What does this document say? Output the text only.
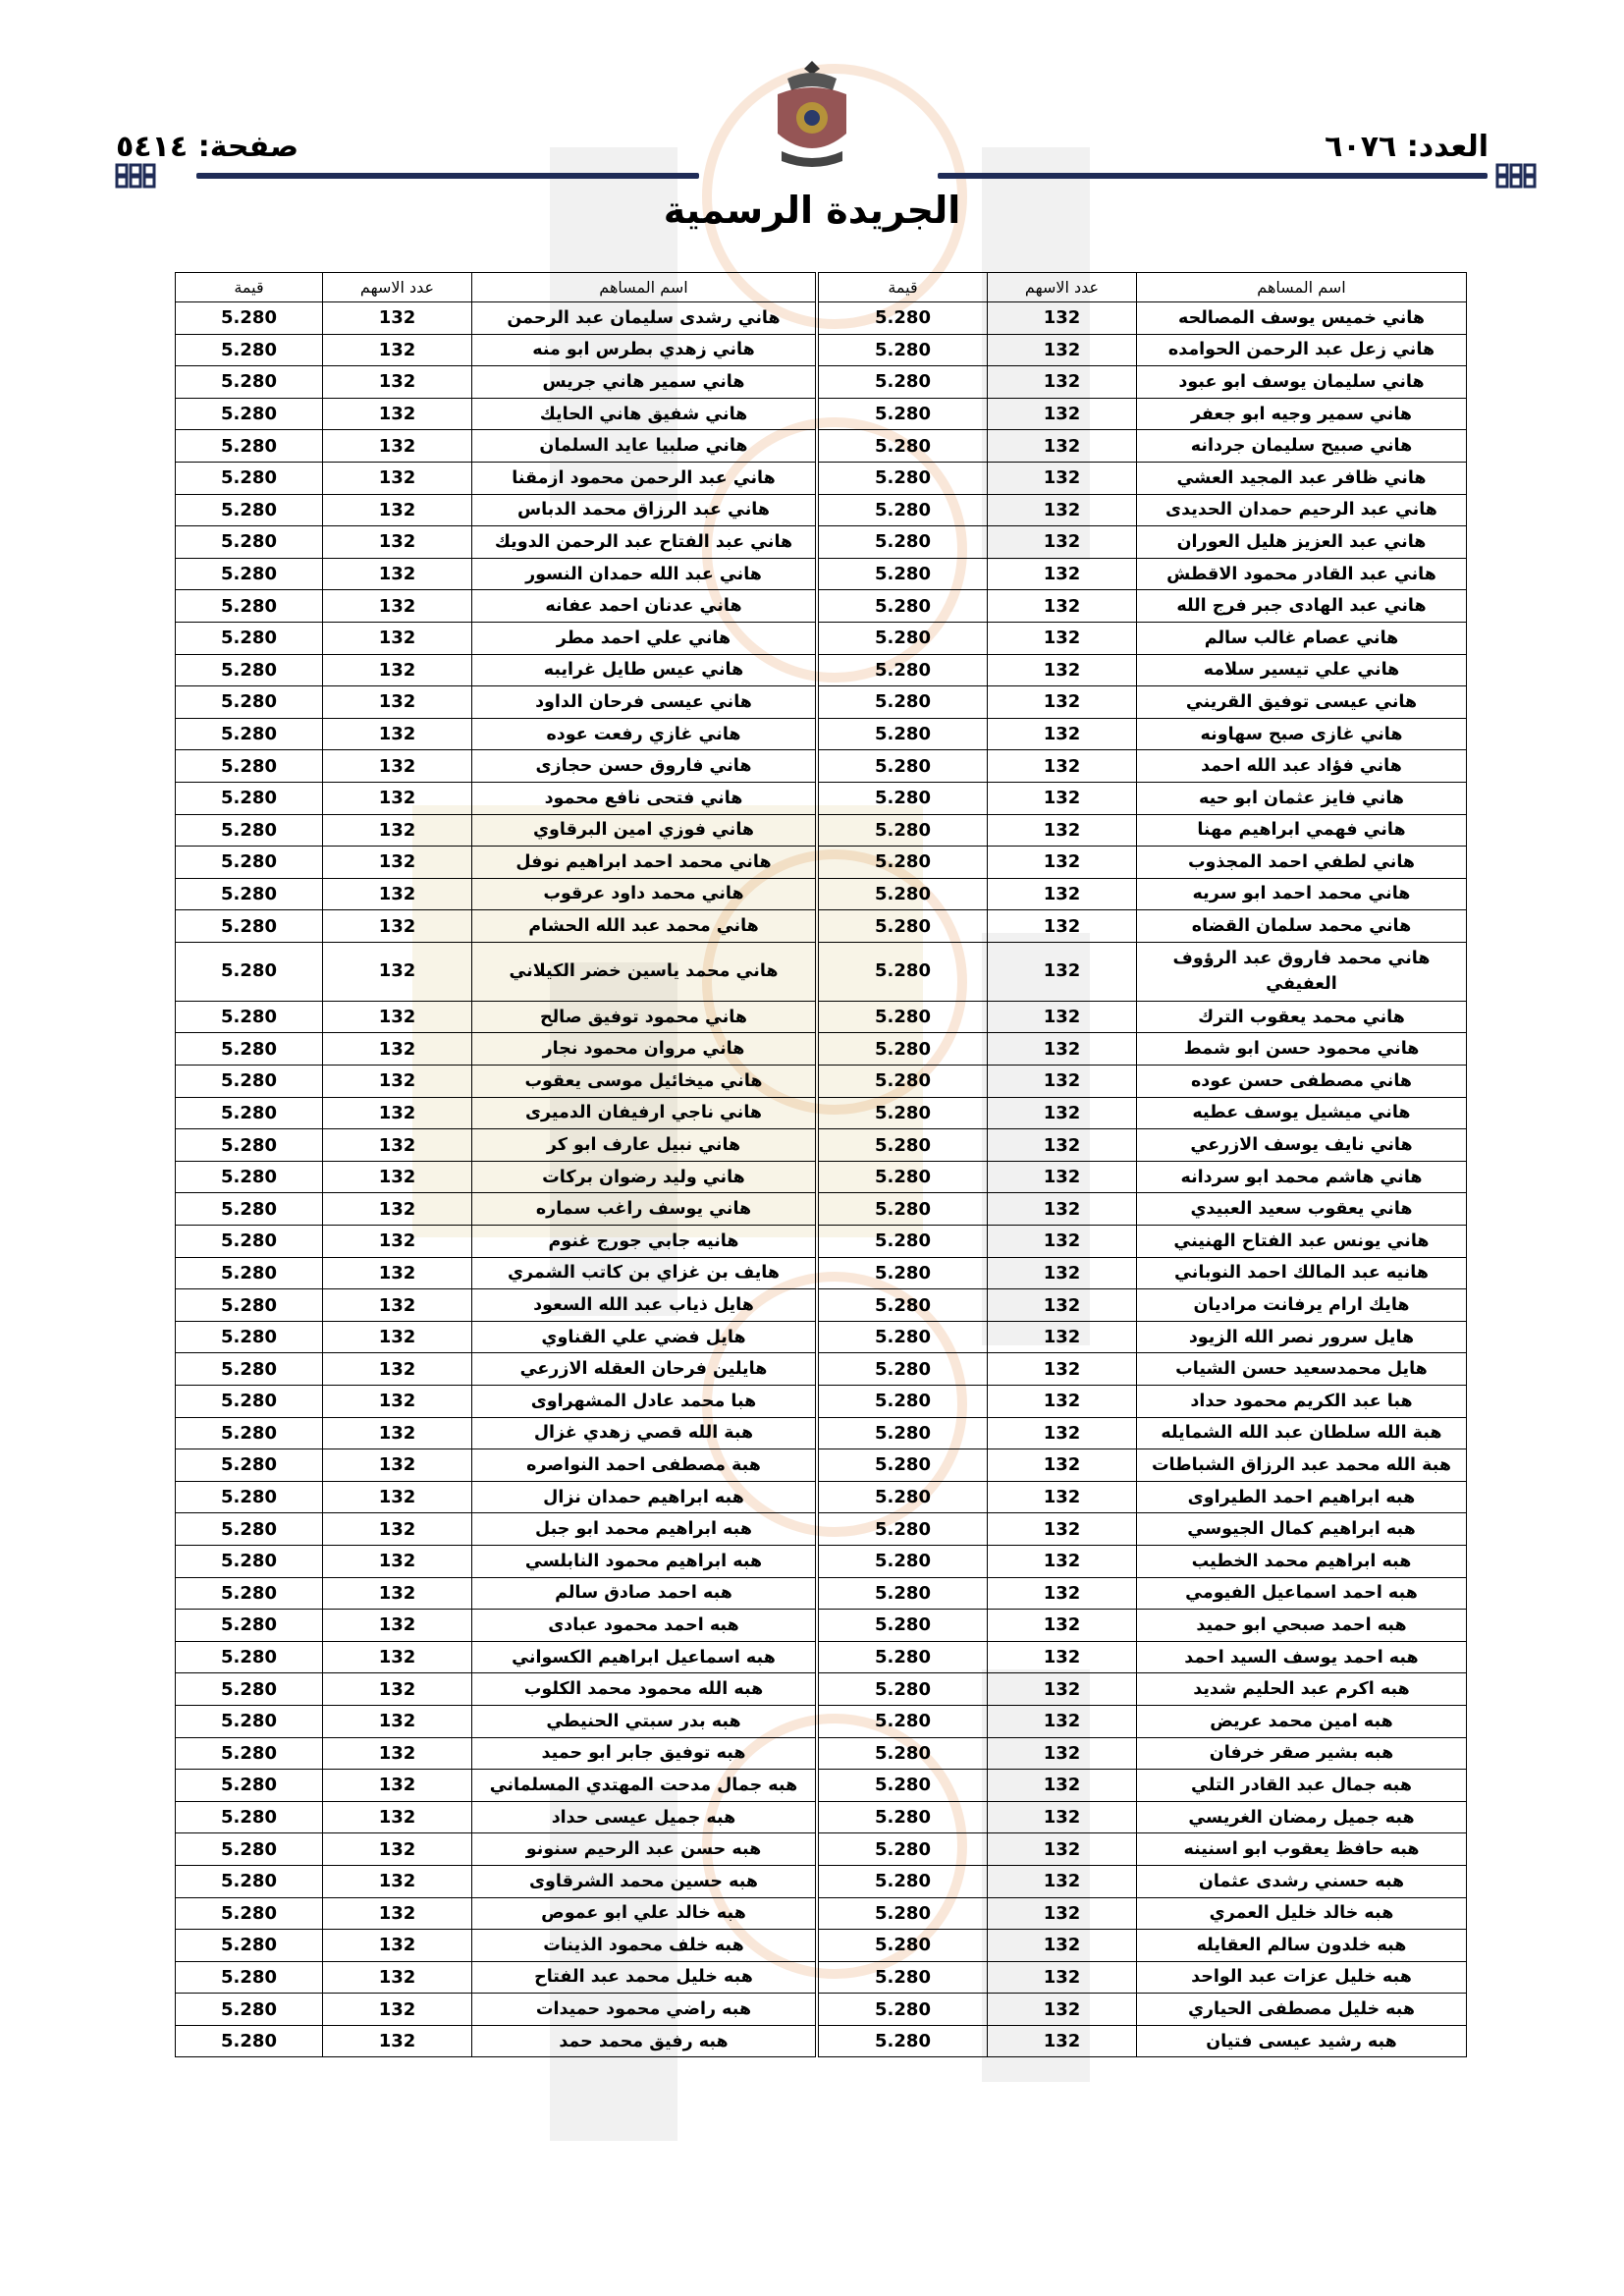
العدد: ٦٠٧٦
صفحة: ٥٤١٤
الجريدة الرسمية
اسم المساهم	عدد الاسهم	قيمة
هاني خميس يوسف المصالحه	132	5.280
هاني زعل عبد الرحمن الحوامده	132	5.280
هاني سليمان يوسف ابو عبود	132	5.280
هاني سمير وجيه ابو جعفر	132	5.280
هاني صبيح سليمان جردانه	132	5.280
هاني ظافر عبد المجيد العشي	132	5.280
هاني عبد الرحيم حمدان الحديدى	132	5.280
هاني عبد العزيز هليل العوران	132	5.280
هاني عبد القادر محمود الاقطش	132	5.280
هاني عبد الهادى جبر فرج الله	132	5.280
هاني عصام غالب سالم	132	5.280
هاني علي تيسير سلامه	132	5.280
هاني عيسى توفيق القريني	132	5.280
هاني غازى صبح سهاونه	132	5.280
هاني فؤاد عبد الله احمد	132	5.280
هاني فايز عثمان ابو حيه	132	5.280
هاني فهمي ابراهيم مهنا	132	5.280
هاني لطفي احمد المجذوب	132	5.280
هاني محمد احمد ابو سريه	132	5.280
هاني محمد سلمان القضاه	132	5.280
هاني محمد فاروق عبد الرؤوف العفيفي	132	5.280
هاني محمد يعقوب الترك	132	5.280
هاني محمود حسن ابو شمط	132	5.280
هاني مصطفى حسن عوده	132	5.280
هاني ميشيل يوسف عطيه	132	5.280
هاني نايف يوسف الازرعي	132	5.280
هاني هاشم محمد ابو سردانه	132	5.280
هاني يعقوب سعيد العبيدي	132	5.280
هاني يونس عبد الفتاح الهنيني	132	5.280
هانيه عبد المالك احمد النوباني	132	5.280
هايك ارام يرفانت مراديان	132	5.280
هايل سرور نصر الله الزيود	132	5.280
هايل محمدسعيد حسن الشياب	132	5.280
هبا عبد الكريم محمود حداد	132	5.280
هبة الله سلطان عبد الله الشمايله	132	5.280
هبة الله محمد عبد الرزاق الشباطات	132	5.280
هبه ابراهيم احمد الطيراوى	132	5.280
هبه ابراهيم كمال الجيوسي	132	5.280
هبه ابراهيم محمد الخطيب	132	5.280
هبه احمد اسماعيل الفيومي	132	5.280
هبه احمد صبحي ابو حميد	132	5.280
هبه احمد يوسف السيد احمد	132	5.280
هبه اكرم عبد الحليم شديد	132	5.280
هبه امين محمد عريض	132	5.280
هبه بشير صقر خرفان	132	5.280
هبه جمال عبد القادر التلي	132	5.280
هبه جميل رمضان الغريسي	132	5.280
هبه حافظ يعقوب ابو اسنينه	132	5.280
هبه حسني رشدى عثمان	132	5.280
هبه خالد خليل العمري	132	5.280
هبه خلدون سالم العقايله	132	5.280
هبه خليل عزات عبد الواحد	132	5.280
هبه خليل مصطفى الحياري	132	5.280
هبه رشيد عيسى فتيان	132	5.280
اسم المساهم	عدد الاسهم	قيمة
هاني رشدى سليمان عبد الرحمن	132	5.280
هاني زهدي بطرس ابو منه	132	5.280
هاني سمير هاني جريس	132	5.280
هاني شفيق هاني الحايك	132	5.280
هاني صلبيا عايد السلمان	132	5.280
هاني عبد الرحمن محمود ازمقنا	132	5.280
هاني عبد الرزاق محمد الدباس	132	5.280
هاني عبد الفتاح عبد الرحمن الدويك	132	5.280
هاني عبد الله حمدان النسور	132	5.280
هاني عدنان احمد عفانه	132	5.280
هاني علي احمد مطر	132	5.280
هاني عيس طايل غرايبه	132	5.280
هاني عيسى فرحان الداود	132	5.280
هاني غازي رفعت عوده	132	5.280
هاني فاروق حسن حجازى	132	5.280
هاني فتحى نافع محمود	132	5.280
هاني فوزي امين البرقاوي	132	5.280
هاني محمد احمد ابراهيم نوفل	132	5.280
هاني محمد داود عرقوب	132	5.280
هاني محمد عبد الله الحشام	132	5.280
هاني محمد ياسين خضر الكيلاني	132	5.280
هاني محمود توفيق صالح	132	5.280
هاني مروان محمود نجار	132	5.280
هاني ميخائيل موسى يعقوب	132	5.280
هاني ناجي ارفيفان الدميرى	132	5.280
هاني نبيل عارف ابو كر	132	5.280
هاني وليد رضوان بركات	132	5.280
هاني يوسف راغب سماره	132	5.280
هانيه جابي جورج غنوم	132	5.280
هايف بن غزاي بن كاتب الشمري	132	5.280
هايل ذياب عبد الله السعود	132	5.280
هايل فضي علي القناوي	132	5.280
هايلين فرحان العقله الازرعي	132	5.280
هبا محمد عادل المشهراوى	132	5.280
هبة الله قصي زهدي غزال	132	5.280
هبة مصطفى احمد النواصره	132	5.280
هبه ابراهيم حمدان نزال	132	5.280
هبه ابراهيم محمد ابو جبل	132	5.280
هبه ابراهيم محمود النابلسي	132	5.280
هبه احمد صادق سالم	132	5.280
هبه احمد محمود عبادى	132	5.280
هبه اسماعيل ابراهيم الكسواني	132	5.280
هبه الله محمود محمد الكلوب	132	5.280
هبه بدر سبتي الحنيطي	132	5.280
هبه توفيق جابر ابو حميد	132	5.280
هبه جمال مدحت المهتدي المسلماني	132	5.280
هبه جميل عيسى حداد	132	5.280
هبه حسن عبد الرحيم سنونو	132	5.280
هبه حسين محمد الشرقاوى	132	5.280
هبه خالد علي ابو عموص	132	5.280
هبه خلف محمود الذينات	132	5.280
هبه خليل محمد عبد الفتاح	132	5.280
هبه راضي محمود حميدات	132	5.280
هبه رفيق محمد حمد	132	5.280
